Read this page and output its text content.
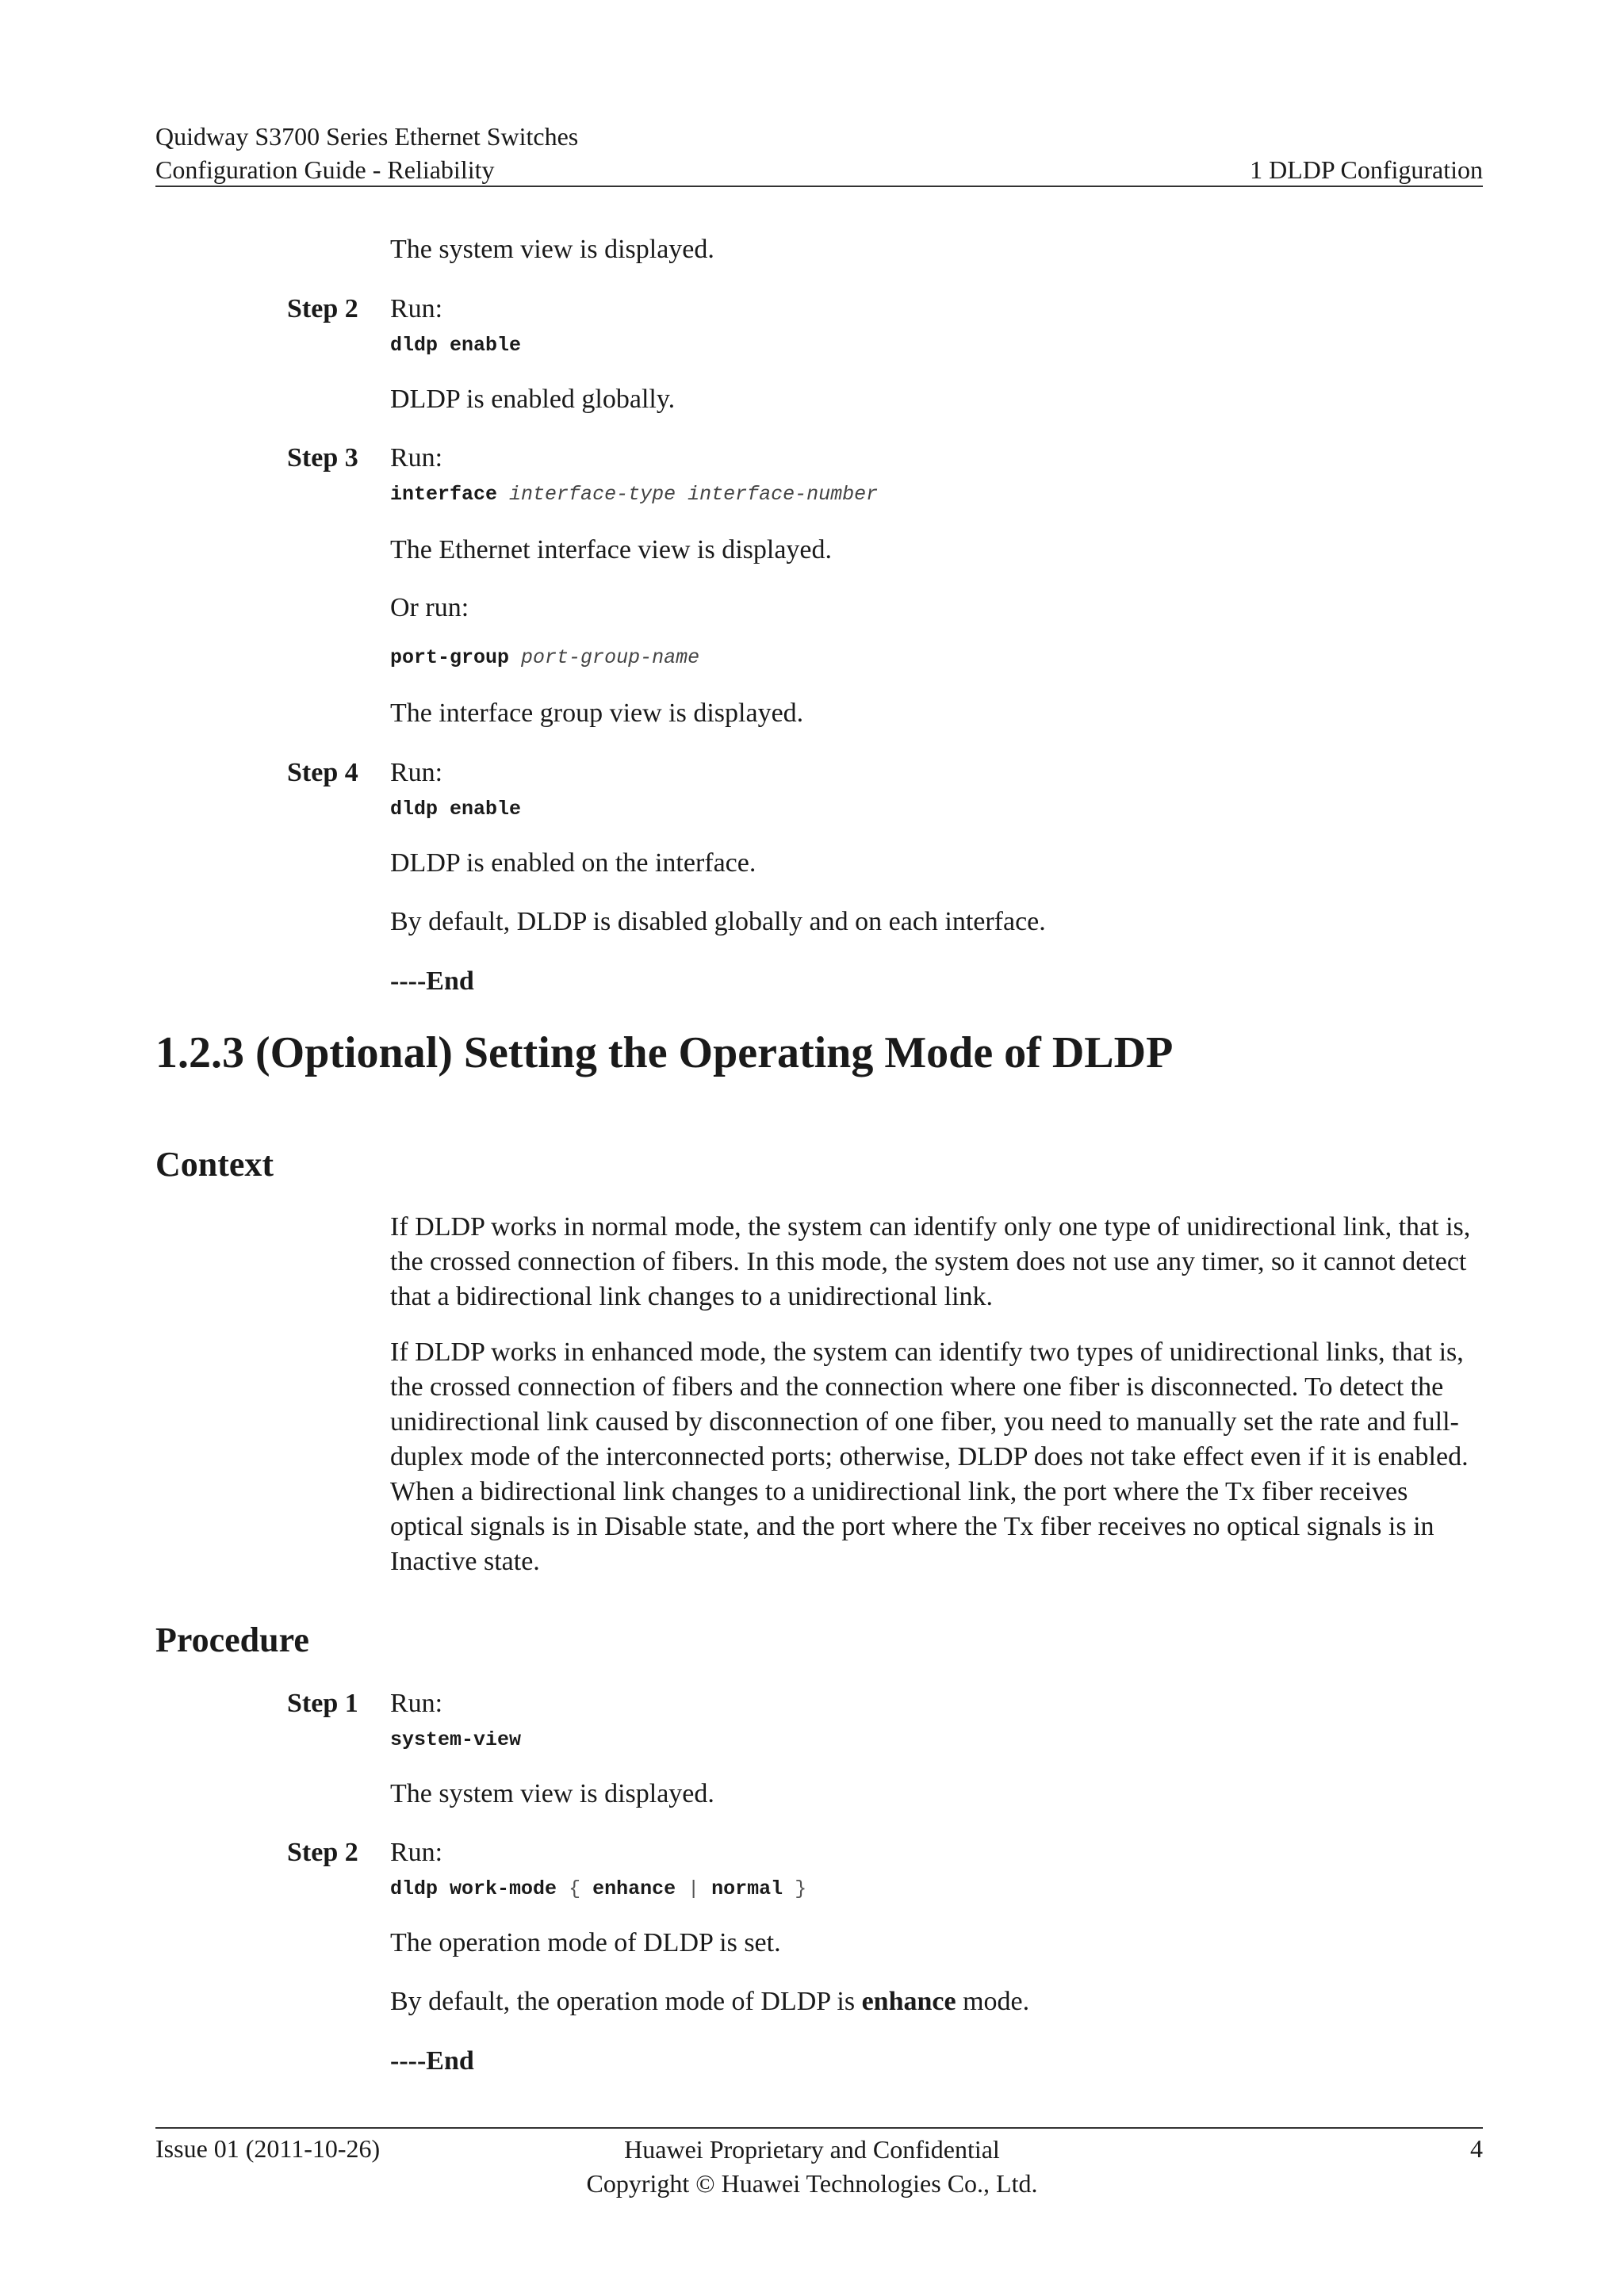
Quidway S3700 Series Ethernet Switches
Configuration Guide - Reliability	1 DLDP Configuration
The system view is displayed.
Step 2 Run:
dldp enable
DLDP is enabled globally.
Step 3 Run:
interface interface-type interface-number
The Ethernet interface view is displayed.
Or run:
port-group port-group-name
The interface group view is displayed.
Step 4 Run:
dldp enable
DLDP is enabled on the interface.
By default, DLDP is disabled globally and on each interface.
----End
1.2.3 (Optional) Setting the Operating Mode of DLDP
Context
If DLDP works in normal mode, the system can identify only one type of unidirectional link, that is, the crossed connection of fibers. In this mode, the system does not use any timer, so it cannot detect that a bidirectional link changes to a unidirectional link.
If DLDP works in enhanced mode, the system can identify two types of unidirectional links, that is, the crossed connection of fibers and the connection where one fiber is disconnected. To detect the unidirectional link caused by disconnection of one fiber, you need to manually set the rate and full-duplex mode of the interconnected ports; otherwise, DLDP does not take effect even if it is enabled. When a bidirectional link changes to a unidirectional link, the port where the Tx fiber receives optical signals is in Disable state, and the port where the Tx fiber receives no optical signals is in Inactive state.
Procedure
Step 1 Run:
system-view
The system view is displayed.
Step 2 Run:
dldp work-mode { enhance | normal }
The operation mode of DLDP is set.
By default, the operation mode of DLDP is enhance mode.
----End
Issue 01 (2011-10-26)	Huawei Proprietary and Confidential
Copyright © Huawei Technologies Co., Ltd.
4
